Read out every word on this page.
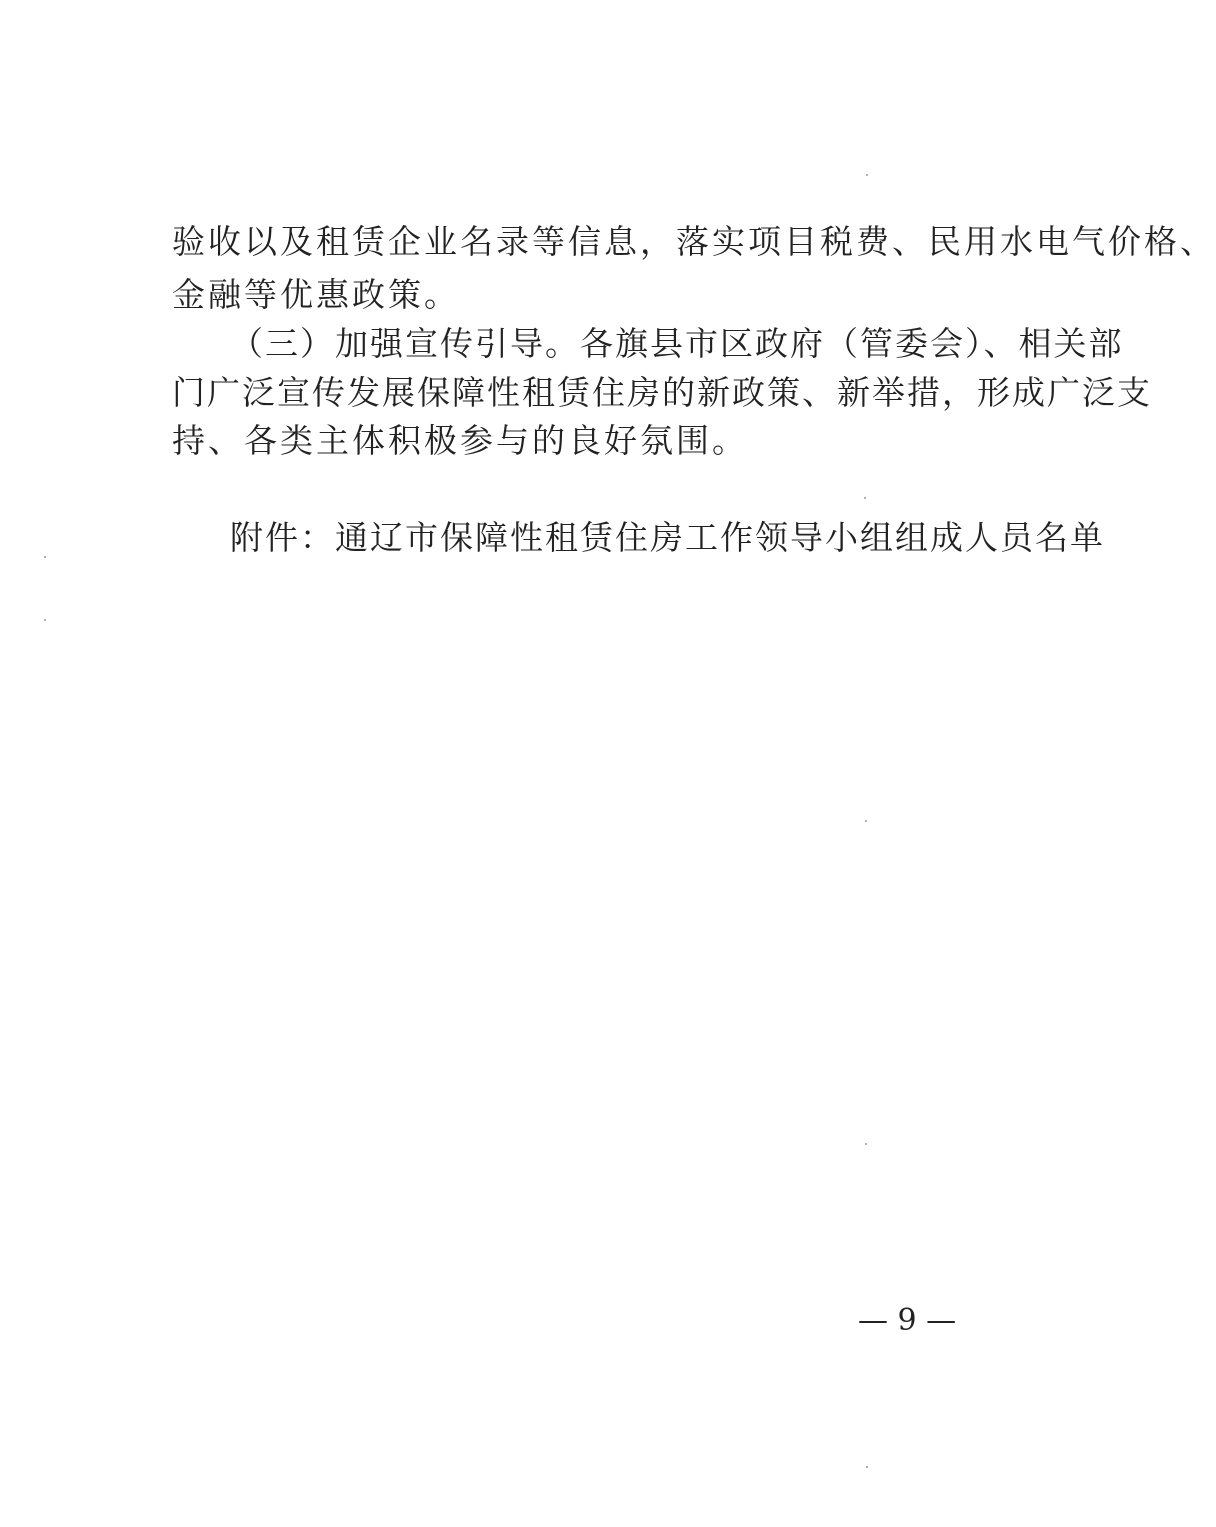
验收以及租赁企业名录等信息，落实项目税费、民用水电气价格、
金融等优惠政策。
（三）加强宣传引导。各旗县市区政府（管委会）、相关部
门广泛宣传发展保障性租赁住房的新政策、新举措，形成广泛支
持、各类主体积极参与的良好氛围。
附件：通辽市保障性租赁住房工作领导小组组成人员名单
— 9 —
